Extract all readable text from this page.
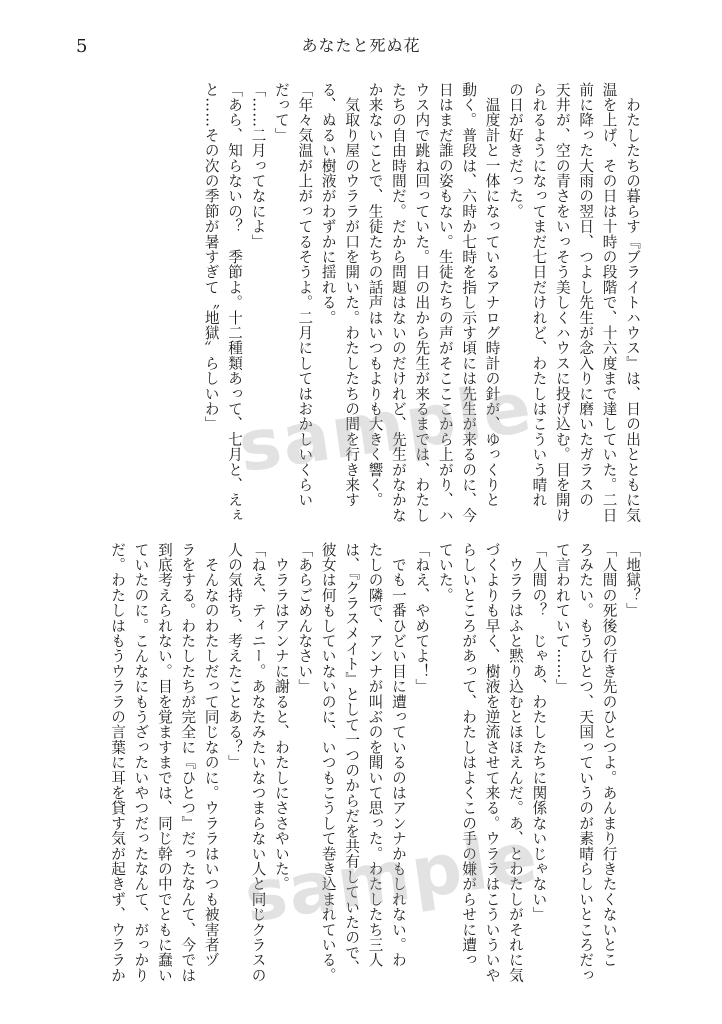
5	あなたと死ぬ花
　わたしたちの暮らす『ブライトハウス』は、日の出とともに気
温を上げ、その日は十時の段階で、十六度まで達していた。二日
前に降った大雨の翌日、つよし先生が念入りに磨いたガラスの
天井が、空の青さをいっそう美しくハウスに投げ込む。目を開け
られるようになってまだ七日だけれど、わたしはこういう晴れ
の日が好きだった。
　温度計と一体になっているアナログ時計の針が、ゆっくりと
動く。普段は、六時か七時を指し示す頃には先生が来るのに、今
日はまだ誰の姿もない。生徒たちの声がそこここから上がり、ハ
ウス内で跳ね回っていた。日の出から先生が来るまでは、わたし
たちの自由時間だ。だから問題はないのだけれど、先生がなかな
か来ないことで、生徒たちの話声はいつもよりも大きく響く。
　気取り屋のウララが口を開いた。わたしたちの間を行き来す
る、ぬるい樹液がわずかに揺れる。
「年々気温が上がってるそうよ。二月にしてはおかしいくらい
だって」
「……二月ってなによ」
「あら、知らないの？　季節よ。十二種類あって、七月と、えぇ
と……その次の季節が暑すぎて〝地獄〟らしいわ」
「地獄？」
「人間の死後の行き先のひとつよ。あんまり行きたくないとこ
ろみたい。もうひとつ、天国っていうのが素晴らしいところだっ
て言われていて……」
「人間の？　じゃあ、わたしたちに関係ないじゃない」
　ウララはふと黙り込むとほほえんだ。あ、とわたしがそれに気
づくよりも早く、樹液を逆流させて来る。ウララはこういういや
らしいところがあって、わたしはよくこの手の嫌がらせに遭っ
ていた。
「ねえ、やめてよ！」
　でも一番ひどい目に遭っているのはアンナかもしれない。わ
たしの隣で、アンナが叫ぶのを聞いて思った。わたしたち三人
は、『クラスメイト』として一つのからだを共有していたので、
彼女は何もしていないのに、いつもこうして巻き込まれている。
「あらごめんなさい」
　ウララはアンナに謝ると、わたしにささやいた。
「ねえ、ティニー。あなたみたいなつまらない人と同じクラスの
人の気持ち、考えたことある？」
　そんなのわたしだって同じなのに。ウララはいつも被害者ヅ
ラをする。わたしたちが完全に『ひとつ』だったなんて、今では
到底考えられない。目を覚ますまでは、同じ幹の中でともに蠢い
ていたのに。こんなにもうざったいやつだったなんて、がっかり
だ。わたしはもうウララの言葉に耳を貸す気が起きず、ウララか
sample
sample
